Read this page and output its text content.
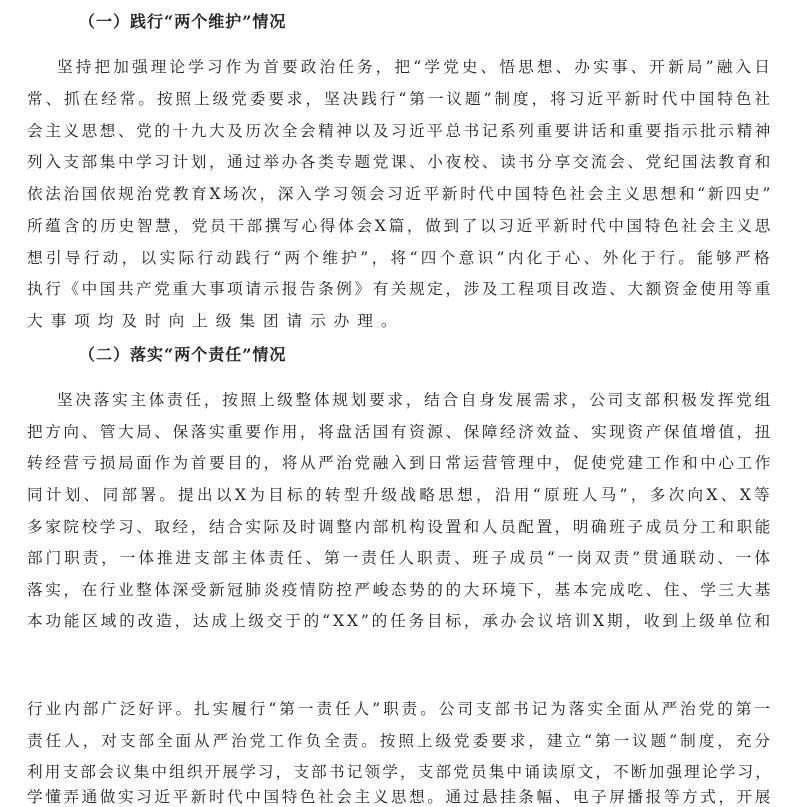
（一）践行“两个维护”情况
坚持把加强理论学习作为首要政治任务，把“学党史、悟思想、办实事、开新局”融入日
常、抓在经常。按照上级党委要求，坚决践行“第一议题”制度，将习近平新时代中国特色社
会主义思想、党的十九大及历次全会精神以及习近平总书记系列重要讲话和重要指示批示精神
列入支部集中学习计划，通过举办各类专题党课、小夜校、读书分享交流会、党纪国法教育和
依法治国依规治党教育X场次，深入学习领会习近平新时代中国特色社会主义思想和“新四史”
所蕴含的历史智慧，党员干部撰写心得体会X篇，做到了以习近平新时代中国特色社会主义思
想引导行动，以实际行动践行“两个维护”，将“四个意识”内化于心、外化于行。能够严格
执行《中国共产党重大事项请示报告条例》有关规定，涉及工程项目改造、大额资金使用等重
大事项均及时向上级集团请示办理。
（二）落实“两个责任”情况
坚决落实主体责任，按照上级整体规划要求，结合自身发展需求，公司支部积极发挥党组
把方向、管大局、保落实重要作用，将盘活国有资源、保障经济效益、实现资产保值增值，扭
转经营亏损局面作为首要目的，将从严治党融入到日常运营管理中，促使党建工作和中心工作
同计划、同部署。提出以X为目标的转型升级战略思想，沿用“原班人马”，多次向X、X等
多家院校学习、取经，结合实际及时调整内部机构设置和人员配置，明确班子成员分工和职能
部门职责，一体推进支部主体责任、第一责任人职责、班子成员“一岗双责”贯通联动、一体
落实，在行业整体深受新冠肺炎疫情防控严峻态势的的大环境下，基本完成吃、住、学三大基
本功能区域的改造，达成上级交于的“XX”的任务目标，承办会议培训X期，收到上级单位和
行业内部广泛好评。扎实履行“第一责任人”职责。公司支部书记为落实全面从严治党的第一
责任人，对支部全面从严治党工作负全责。按照上级党委要求，建立“第一议题”制度，充分
利用支部会议集中组织开展学习，支部书记领学，支部党员集中诵读原文，不断加强理论学习，
学懂弄通做实习近平新时代中国特色社会主义思想。通过悬挂条幅、电子屏播报等方式，开展
